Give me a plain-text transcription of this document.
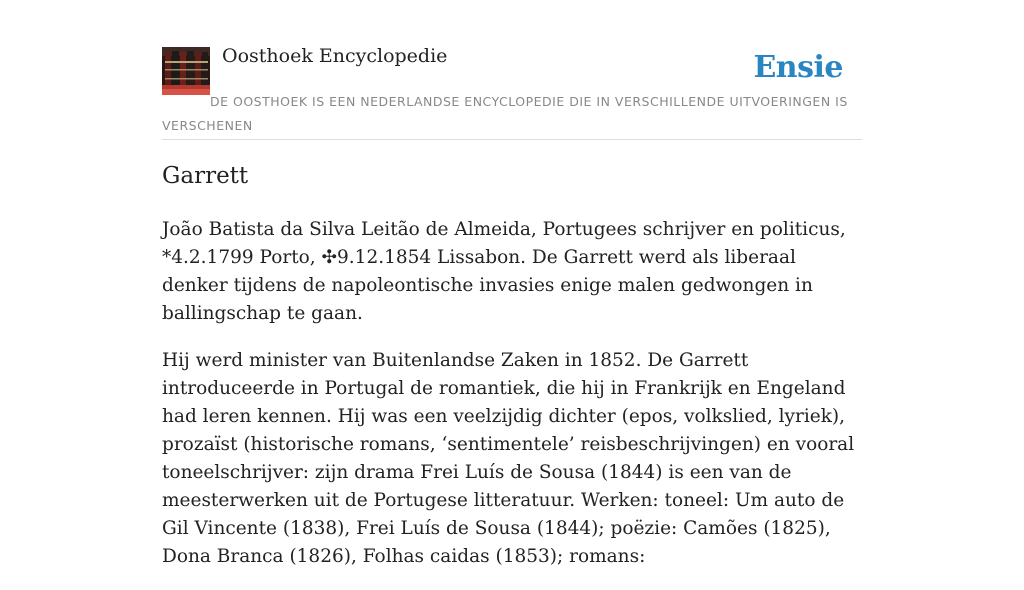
Oosthoek Encyclopedie	Ensie
DE OOSTHOEK IS EEN NEDERLANDSE ENCYCLOPEDIE DIE IN VERSCHILLENDE UITVOERINGEN IS VERSCHENEN
Garrett

João Batista da Silva Leitão de Almeida, Portugees schrijver en politicus, *4.2.1799 Porto, ✣9.12.1854 Lissabon. De Garrett werd als liberaal denker tijdens de napoleontische invasies enige malen gedwongen in ballingschap te gaan.

Hij werd minister van Buitenlandse Zaken in 1852. De Garrett introduceerde in Portugal de romantiek, die hij in Frankrijk en Engeland had leren kennen. Hij was een veelzijdig dichter (epos, volkslied, lyriek), prozaïst (historische romans, ‘sentimentele’ reisbeschrijvingen) en vooral toneelschrijver: zijn drama Frei Luís de Sousa (1844) is een van de meesterwerken uit de Portugese litteratuur. Werken: toneel: Um auto de Gil Vincente (1838), Frei Luís de Sousa (1844); poëzie: Camões (1825), Dona Branca (1826), Folhas caidas (1853); romans:
